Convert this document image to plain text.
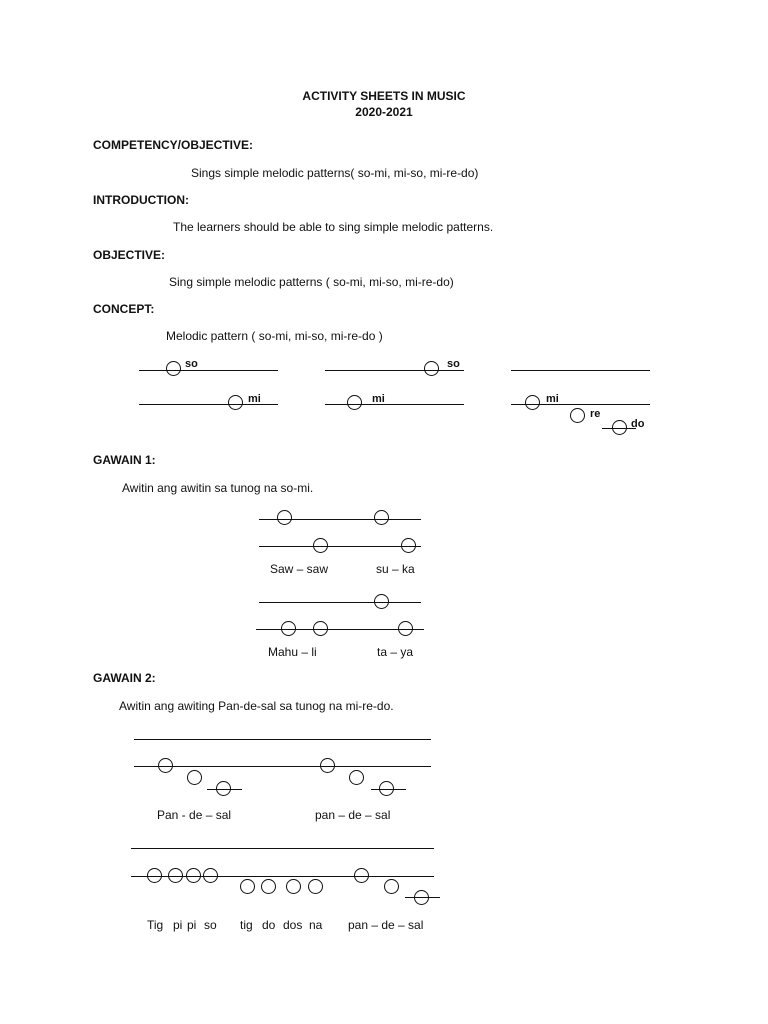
ACTIVITY SHEETS IN MUSIC
2020-2021
COMPETENCY/OBJECTIVE:
Sings simple melodic patterns( so-mi, mi-so, mi-re-do)
INTRODUCTION:
The learners should be able to sing simple melodic patterns.
OBJECTIVE:
Sing simple melodic patterns ( so-mi, mi-so, mi-re-do)
CONCEPT:
Melodic pattern ( so-mi, mi-so, mi-re-do )
so
mi
so
mi	mi
re
do
GAWAIN 1:
Awitin ang awitin sa tunog na so-mi.
Saw – saw	su – ka
Mahu – li	ta – ya
GAWAIN 2:
Awitin ang awiting Pan-de-sal sa tunog na mi-re-do.
Pan - de – sal	pan – de – sal
Tig pi pi so tig do dos na pan – de – sal
